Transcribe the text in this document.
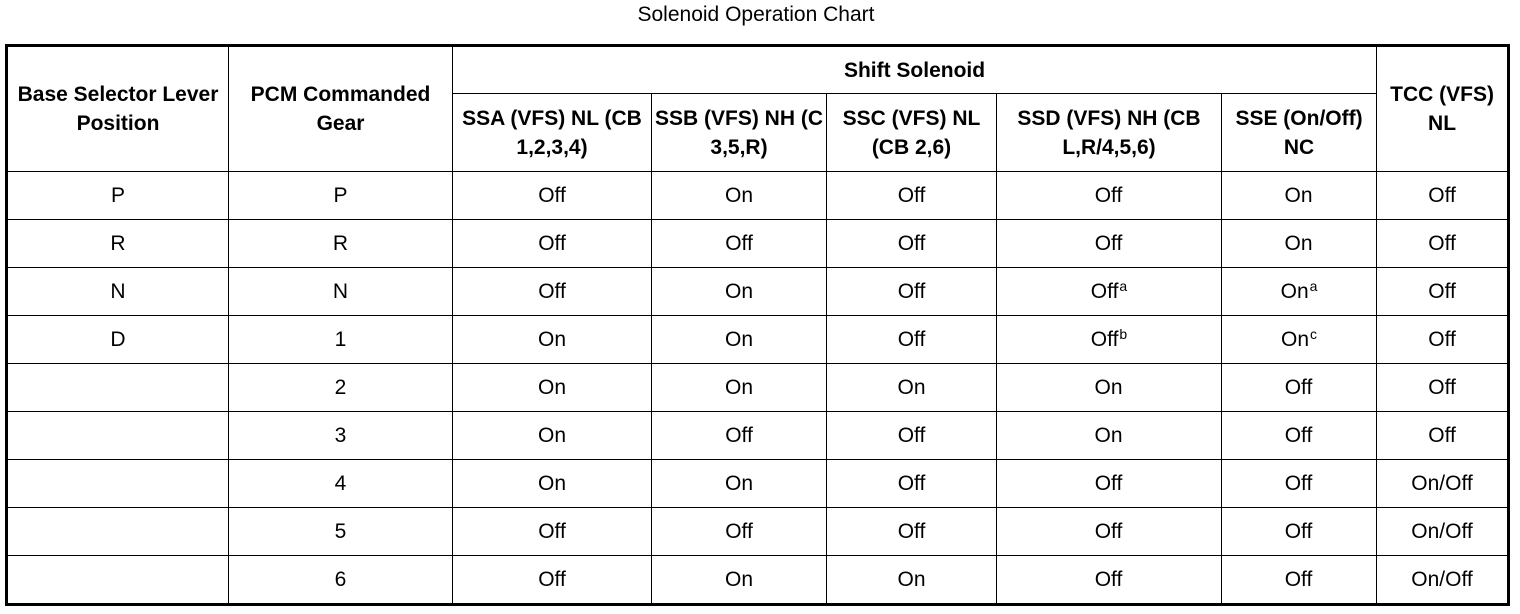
Solenoid Operation Chart
Base Selector Lever Position	PCM Commanded Gear	Shift Solenoid					TCC (VFS) NL
		SSA (VFS) NL (CB 1,2,3,4)	SSB (VFS) NH (C 3,5,R)	SSC (VFS) NL (CB 2,6)	SSD (VFS) NH (CB L,R/4,5,6)	SSE (On/Off) NC	
P	P	Off	On	Off	Off	On	Off
R	R	Off	Off	Off	Off	On	Off
N	N	Off	On	Off	Off$^a$	On$^a$	Off
D	1	On	On	Off	Off$^b$	On$^c$	Off
	2	On	On	On	On	Off	Off
	3	On	Off	Off	On	Off	Off
	4	On	On	Off	Off	Off	On/Off
	5	Off	Off	Off	Off	Off	On/Off
	6	Off	On	On	Off	Off	On/Off
